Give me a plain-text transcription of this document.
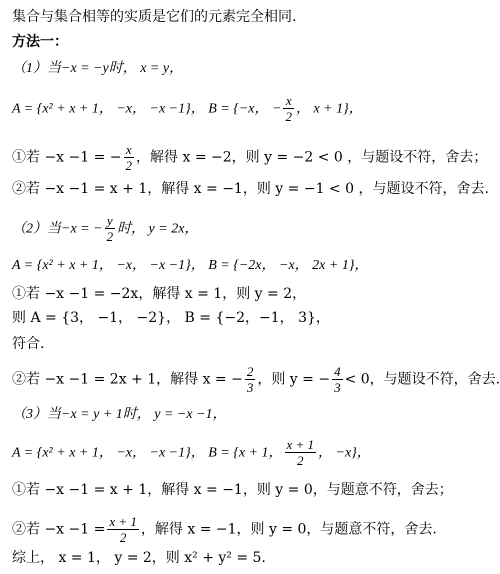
集合与集合相等的实质是它们的元素完全相同.
方法一：
（1）当−x = −y时， x = y，
A = {x² + x + 1， −x， −x −1}， B = {−x， − $\frac{x}{2}$ ， x + 1}，
①若 −x −1 = − $\frac{x}{2}$ ，解得 x = −2，则 y = −2 < 0 ，与题设不符，舍去；
②若 −x −1 = x + 1，解得 x = −1，则 y = −1 < 0 ，与题设不符，舍去.
（2）当−x = − $\frac{y}{2}$ 时， y = 2x，
A = {x² + x + 1， −x， −x −1}， B = {−2x， −x， 2x + 1}，
①若 −x −1 = −2x，解得 x = 1，则 y = 2，
则 A = {3， −1， −2}， B = {−2，−1， 3}，
符合.
②若 −x −1 = 2x + 1，解得 x = − $\frac{2}{3}$ ，则 y = − $\frac{4}{3} < 0$，与题设不符，舍去.
（3）当−x = y + 1时， y = −x −1，
A = {x² + x + 1， −x， −x −1}， B = {x + 1， $\frac{x + 1}{2}$ ， −x}，
①若 −x −1 = x + 1，解得 x = −1，则 y = 0，与题意不符，舍去；
②若 $-x -1 = \frac{x + 1}{2}$ ，解得 x = −1，则 y = 0，与题意不符，舍去.
综上， x = 1， y = 2，则 x² + y² = 5.
